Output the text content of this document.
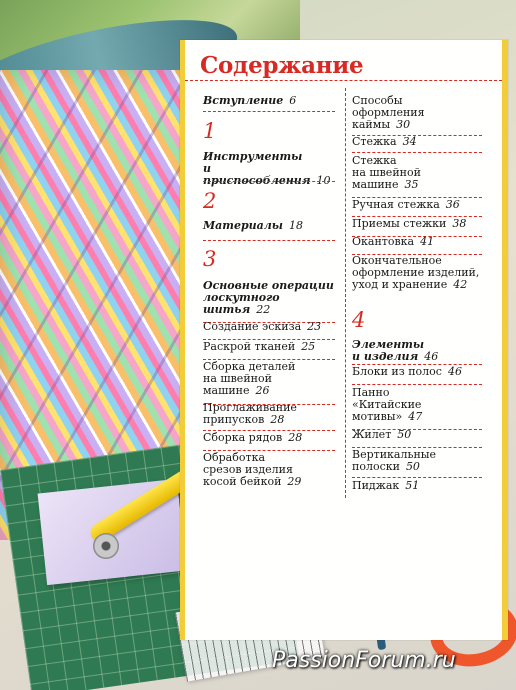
Содержание
Вступление 6
1
Инструменты
и приспособления 10
2
Материалы 18
3
Основные операции
лоскутного
шитья 22
Создание эскиза 23
Раскрой тканей 25
Сборка деталей
на швейной
машине 26
Проглаживание
припусков 28
Сборка рядов 28
Обработка
срезов изделия
косой бейкой 29
Способы
оформления
каймы 30
Стежка 34
Стежка
на швейной
машине 35
Ручная стежка 36
Приемы стежки 38
Окантовка 41
Окончательное
оформление изделий,
уход и хранение 42
4
Элементы
и изделия 46
Блоки из полос 46
Панно
«Китайские
мотивы» 47
Жилет 50
Вертикальные
полоски 50
Пиджак 51
PassionForum.ru
